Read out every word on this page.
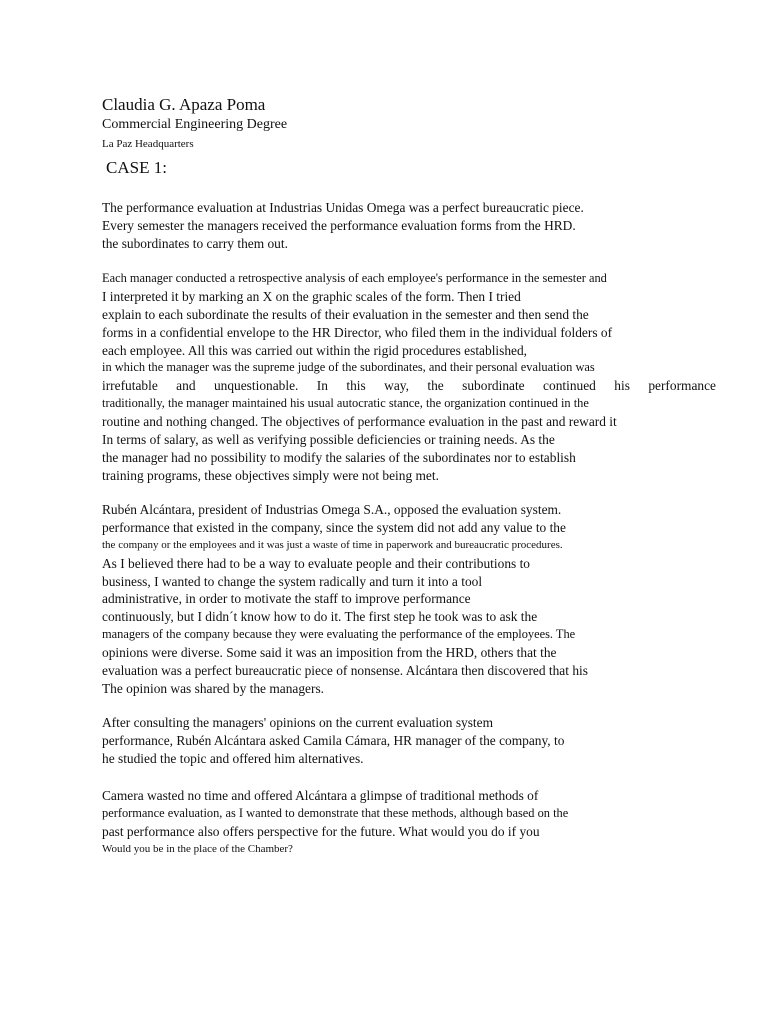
Claudia G. Apaza Poma
Commercial Engineering Degree
La Paz Headquarters
CASE 1:
The performance evaluation at Industrias Unidas Omega was a perfect bureaucratic piece.
Every semester the managers received the performance evaluation forms from the HRD.
the subordinates to carry them out.
Each manager conducted a retrospective analysis of each employee's performance in the semester and
I interpreted it by marking an X on the graphic scales of the form. Then I tried
explain to each subordinate the results of their evaluation in the semester and then send the
forms in a confidential envelope to the HR Director, who filed them in the individual folders of
each employee. All this was carried out within the rigid procedures established,
in which the manager was the supreme judge of the subordinates, and their personal evaluation was
irrefutable and unquestionable. In this way, the subordinate continued his performance
traditionally, the manager maintained his usual autocratic stance, the organization continued in the
routine and nothing changed. The objectives of performance evaluation in the past and reward it
In terms of salary, as well as verifying possible deficiencies or training needs. As the
the manager had no possibility to modify the salaries of the subordinates nor to establish
training programs, these objectives simply were not being met.
Rubén Alcántara, president of Industrias Omega S.A., opposed the evaluation system.
performance that existed in the company, since the system did not add any value to the
the company or the employees and it was just a waste of time in paperwork and bureaucratic procedures.
As I believed there had to be a way to evaluate people and their contributions to
business, I wanted to change the system radically and turn it into a tool
administrative, in order to motivate the staff to improve performance
continuously, but I didn´t know how to do it. The first step he took was to ask the
managers of the company because they were evaluating the performance of the employees. The
opinions were diverse. Some said it was an imposition from the HRD, others that the
evaluation was a perfect bureaucratic piece of nonsense. Alcántara then discovered that his
The opinion was shared by the managers.
After consulting the managers' opinions on the current evaluation system
performance, Rubén Alcántara asked Camila Cámara, HR manager of the company, to
he studied the topic and offered him alternatives.
Camera wasted no time and offered Alcántara a glimpse of traditional methods of
performance evaluation, as I wanted to demonstrate that these methods, although based on the
past performance also offers perspective for the future. What would you do if you
Would you be in the place of the Chamber?
